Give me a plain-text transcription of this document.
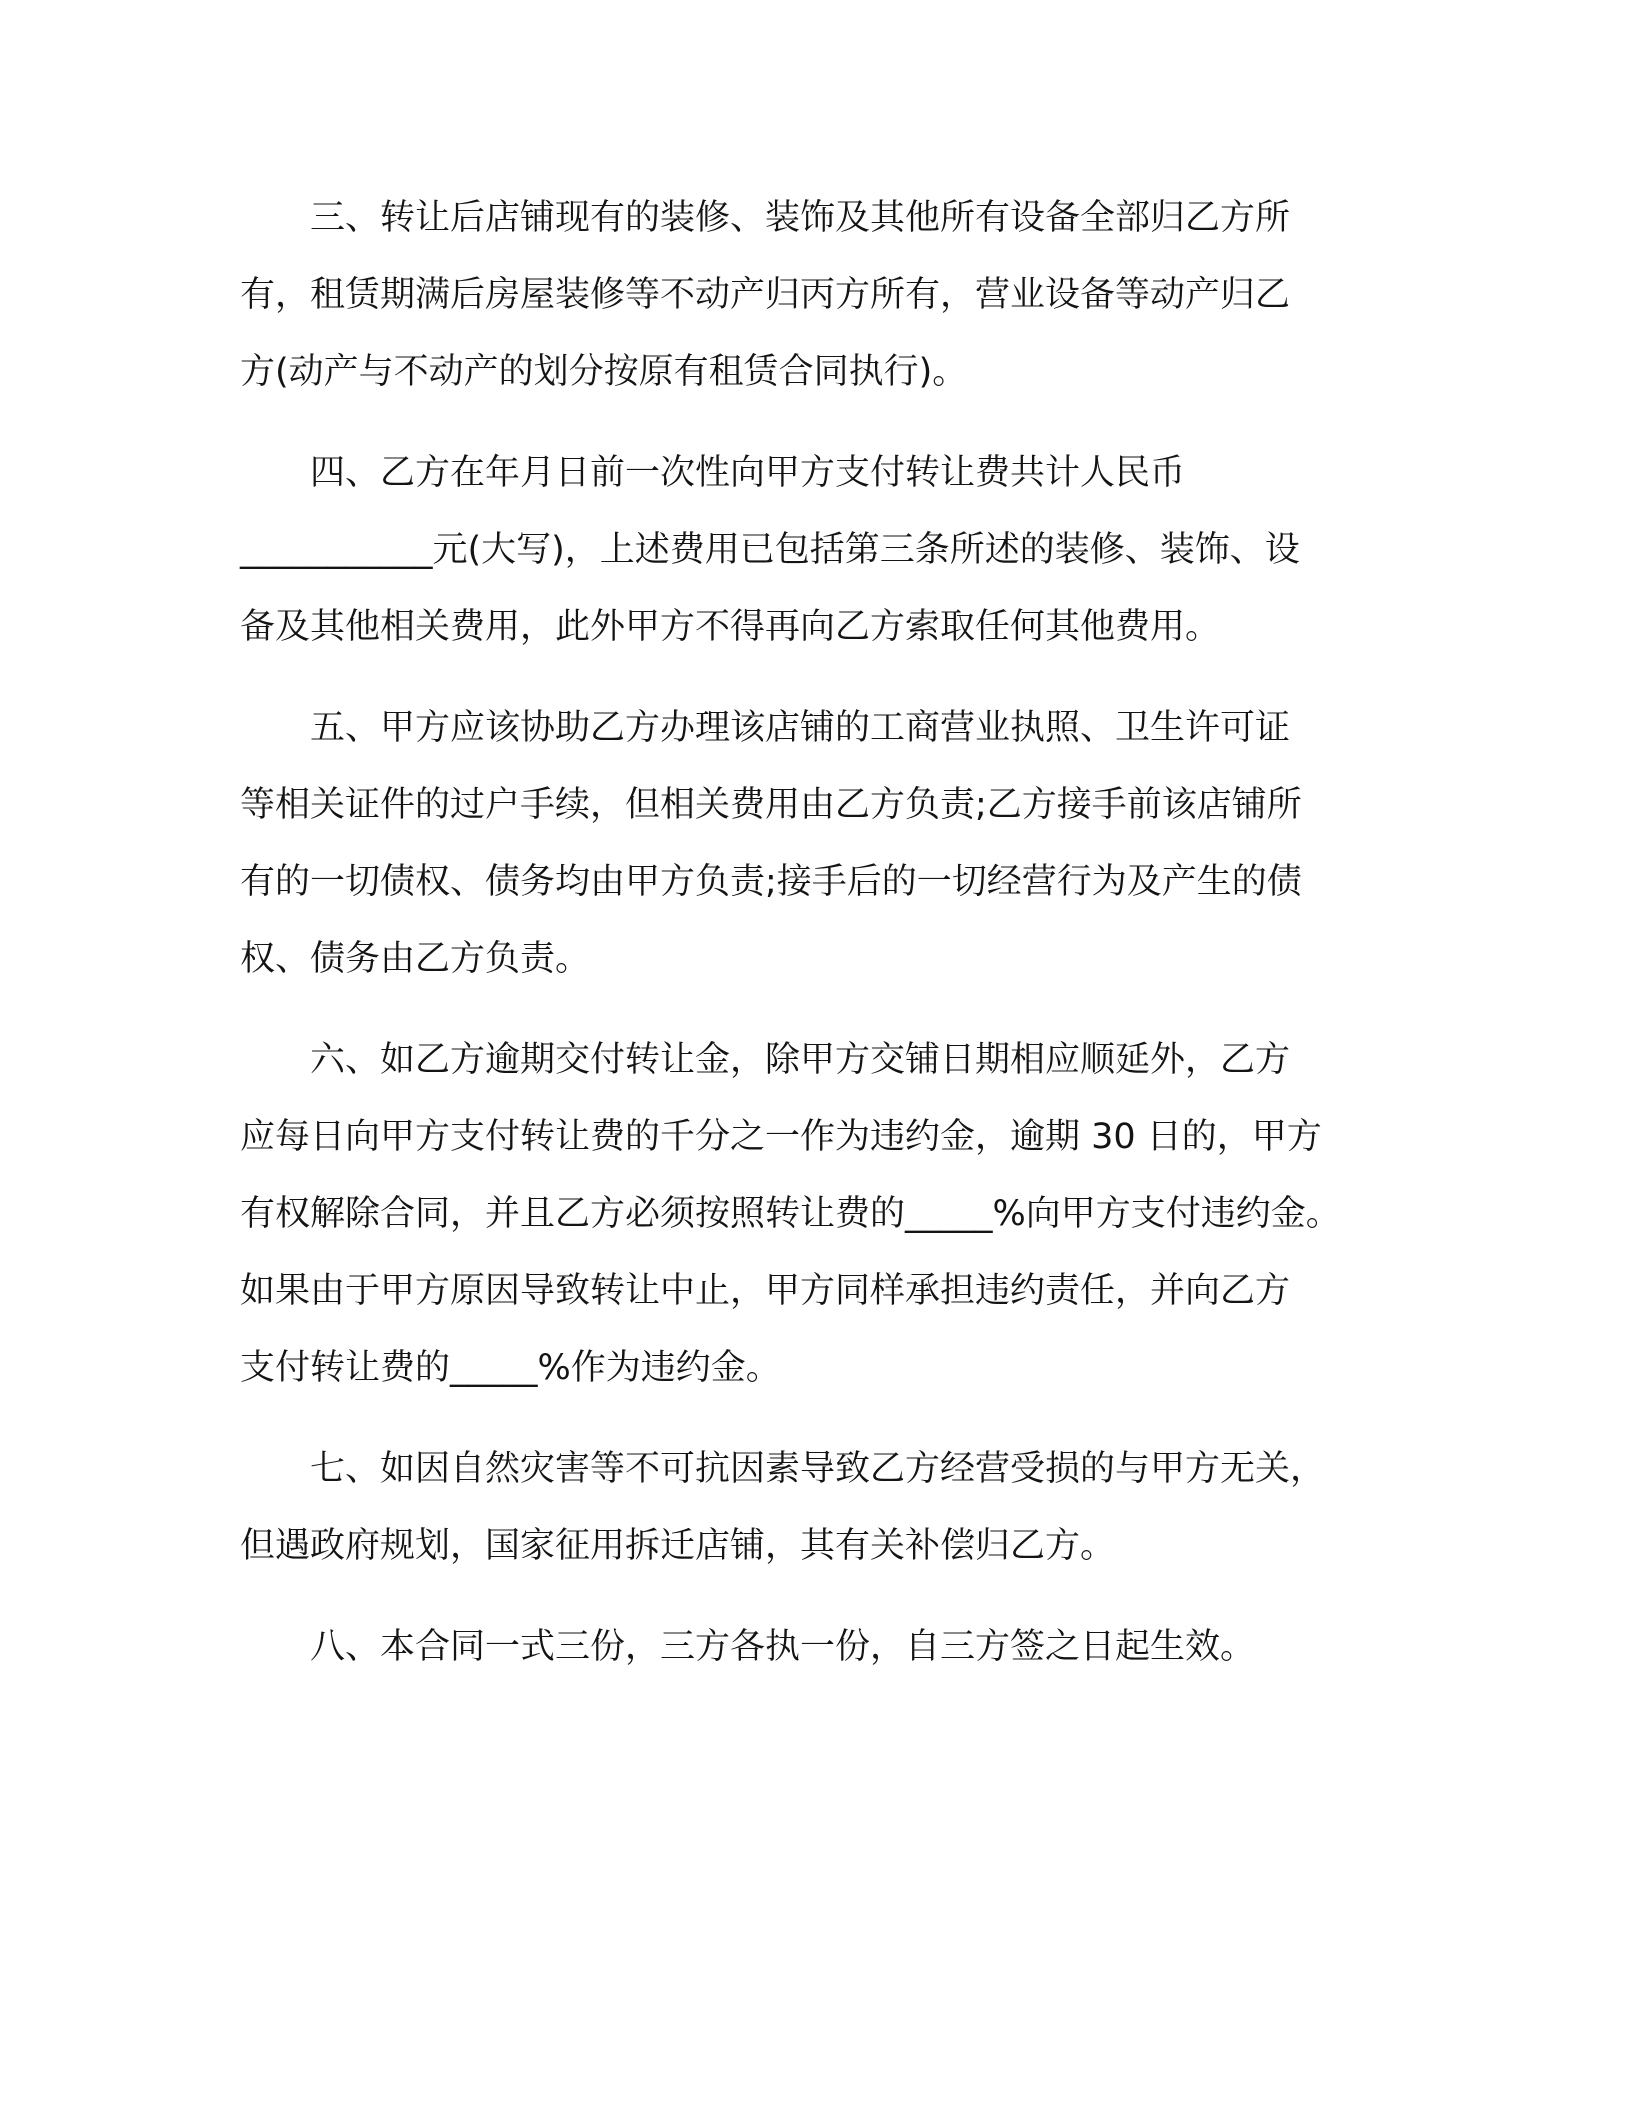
三、转让后店铺现有的装修、装饰及其他所有设备全部归乙方所
有，租赁期满后房屋装修等不动产归丙方所有，营业设备等动产归乙
方(动产与不动产的划分按原有租赁合同执行)。

四、乙方在年月日前一次性向甲方支付转让费共计人民币
___________元(大写)，上述费用已包括第三条所述的装修、装饰、设
备及其他相关费用，此外甲方不得再向乙方索取任何其他费用。

五、甲方应该协助乙方办理该店铺的工商营业执照、卫生许可证
等相关证件的过户手续，但相关费用由乙方负责;乙方接手前该店铺所
有的一切债权、债务均由甲方负责;接手后的一切经营行为及产生的债
权、债务由乙方负责。

六、如乙方逾期交付转让金，除甲方交铺日期相应顺延外，乙方
应每日向甲方支付转让费的千分之一作为违约金，逾期 30 日的，甲方
有权解除合同，并且乙方必须按照转让费的_____%向甲方支付违约金。
如果由于甲方原因导致转让中止，甲方同样承担违约责任，并向乙方
支付转让费的_____%作为违约金。

七、如因自然灾害等不可抗因素导致乙方经营受损的与甲方无关，
但遇政府规划，国家征用拆迁店铺，其有关补偿归乙方。

八、本合同一式三份，三方各执一份，自三方签之日起生效。
